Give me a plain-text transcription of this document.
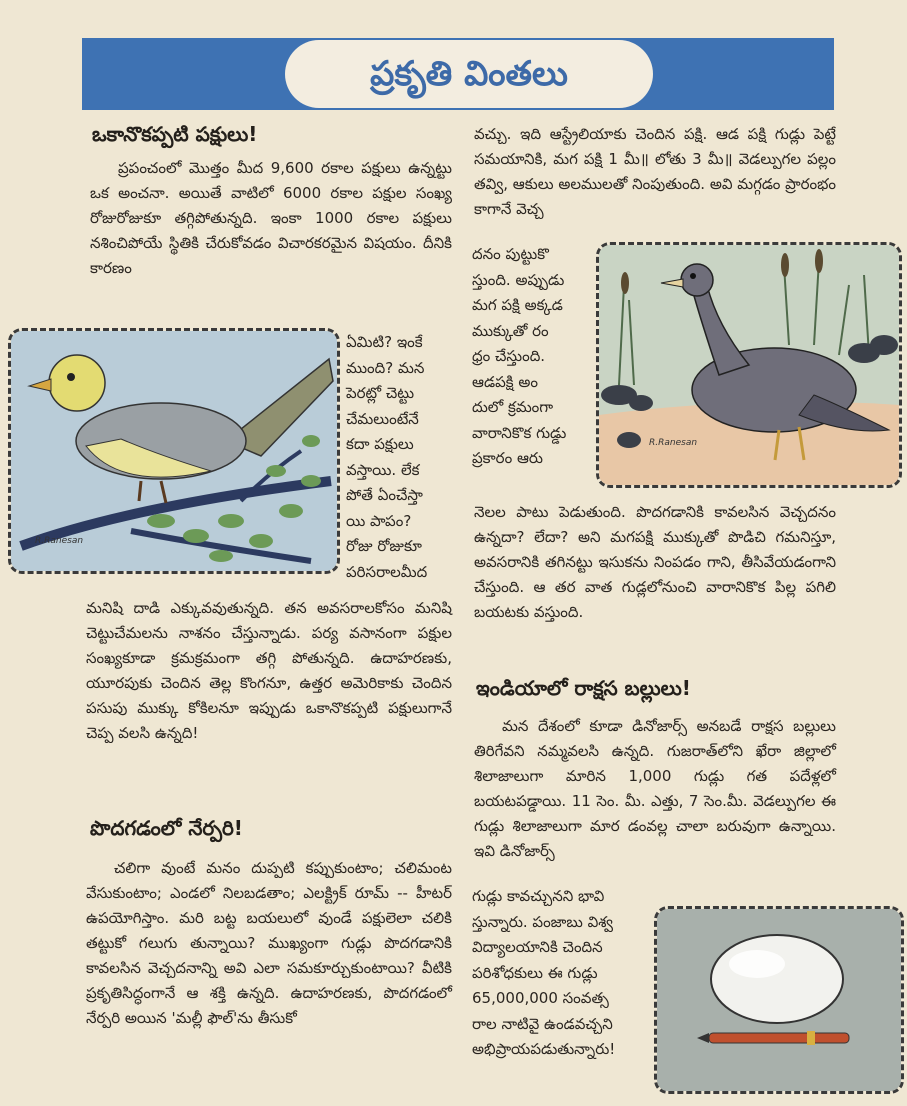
ప్రకృతి వింతలు
ఒకానొకప్పటి పక్షులు!
ప్రపంచంలో మొత్తం మీద 9,600 రకాల పక్షులు ఉన్నట్టు ఒక అంచనా. అయితే వాటిలో 6000 రకాల పక్షుల సంఖ్య రోజురోజుకూ తగ్గిపోతున్నది. ఇంకా 1000 రకాల పక్షులు నశించిపోయే స్థితికి చేరుకోవడం విచారకరమైన విషయం. దీనికి కారణం
R.Ranesan
ఏమిటి? ఇంకే
ముంది? మన
పెరట్లో చెట్టు
చేమలుంటేనే
కదా పక్షులు
వస్తాయి. లేక
పోతే ఏంచేస్తా
యి పాపం?
రోజు రోజుకూ
పరిసరాలమీద
మనిషి దాడి ఎక్కువవుతున్నది. తన అవసరాలకోసం మనిషి చెట్టుచేమలను నాశనం చేస్తున్నాడు. పర్య వసానంగా పక్షుల సంఖ్యకూడా క్రమక్రమంగా తగ్గి పోతున్నది. ఉదాహరణకు, యూరపుకు చెందిన తెల్ల కొంగనూ, ఉత్తర అమెరికాకు చెందిన పసుపు ముక్కు కోకిలనూ ఇప్పుడు ఒకానొకప్పటి పక్షులుగానే చెప్ప వలసి ఉన్నది!
పొదగడంలో నేర్పరి!
చలిగా వుంటే మనం దుప్పటి కప్పుకుంటాం; చలిమంట వేసుకుంటాం; ఎండలో నిలబడతాం; ఎలక్ట్రిక్ రూమ్ -- హీటర్ ఉపయోగిస్తాం. మరి బట్ట బయలులో వుండే పక్షులెలా చలికి తట్టుకో గలుగు తున్నాయి? ముఖ్యంగా గుడ్లు పొదగడానికి కావలసిన వెచ్చదనాన్ని అవి ఎలా సమకూర్చుకుంటాయి? వీటికి ప్రకృతిసిద్ధంగానే ఆ శక్తి ఉన్నది. ఉదాహరణకు, పొదగడంలో నేర్పరి అయిన 'మల్లీ ఫౌల్'ను తీసుకో
వచ్చు. ఇది ఆస్ట్రేలియాకు చెందిన పక్షి. ఆడ పక్షి గుడ్లు పెట్టే సమయానికి, మగ పక్షి 1 మీ॥ లోతు 3 మీ॥ వెడల్పుగల పల్లం తవ్వి, ఆకులు అలములతో నింపుతుంది. అవి మగ్గడం ప్రారంభం కాగానే వెచ్చ
దనం పుట్టుకొ
స్తుంది. అప్పుడు
మగ పక్షి అక్కడ
ముక్కుతో రం
ధ్రం చేస్తుంది.
ఆడపక్షి అం
దులో క్రమంగా
వారానికొక గుడ్డు
ప్రకారం ఆరు
R.Ranesan
నెలల పాటు పెడుతుంది. పొదగడానికి కావలసిన వెచ్చదనం ఉన్నదా? లేదా? అని మగపక్షి ముక్కుతో పొడిచి గమనిస్తూ, అవసరానికి తగినట్టు ఇసుకను నింపడం గాని, తీసివేయడంగాని చేస్తుంది. ఆ తర వాత గుడ్లలోనుంచి వారానికొక పిల్ల పగిలి బయటకు వస్తుంది.
ఇండియాలో రాక్షస బల్లులు!
మన దేశంలో కూడా డినోజార్స్ అనబడే రాక్షస బల్లులు తిరిగేవని నమ్మవలసి ఉన్నది. గుజరాత్‌లోని ఖేరా జిల్లాలో శిలాజాలుగా మారిన 1,000 గుడ్లు గత పదేళ్లలో బయటపడ్డాయి. 11 సెం. మీ. ఎత్తు, 7 సెం.మీ. వెడల్పుగల ఈ గుడ్లు శిలాజాలుగా మార డంవల్ల చాలా బరువుగా ఉన్నాయి. ఇవి డినోజార్స్
గుడ్లు కావచ్చునని భావి
స్తున్నారు. పంజాబు విశ్వ
విద్యాలయానికి చెందిన
పరిశోధకులు ఈ గుడ్లు
65,000,000 సంవత్స
రాల నాటివై ఉండవచ్చని
అభిప్రాయపడుతున్నారు!
